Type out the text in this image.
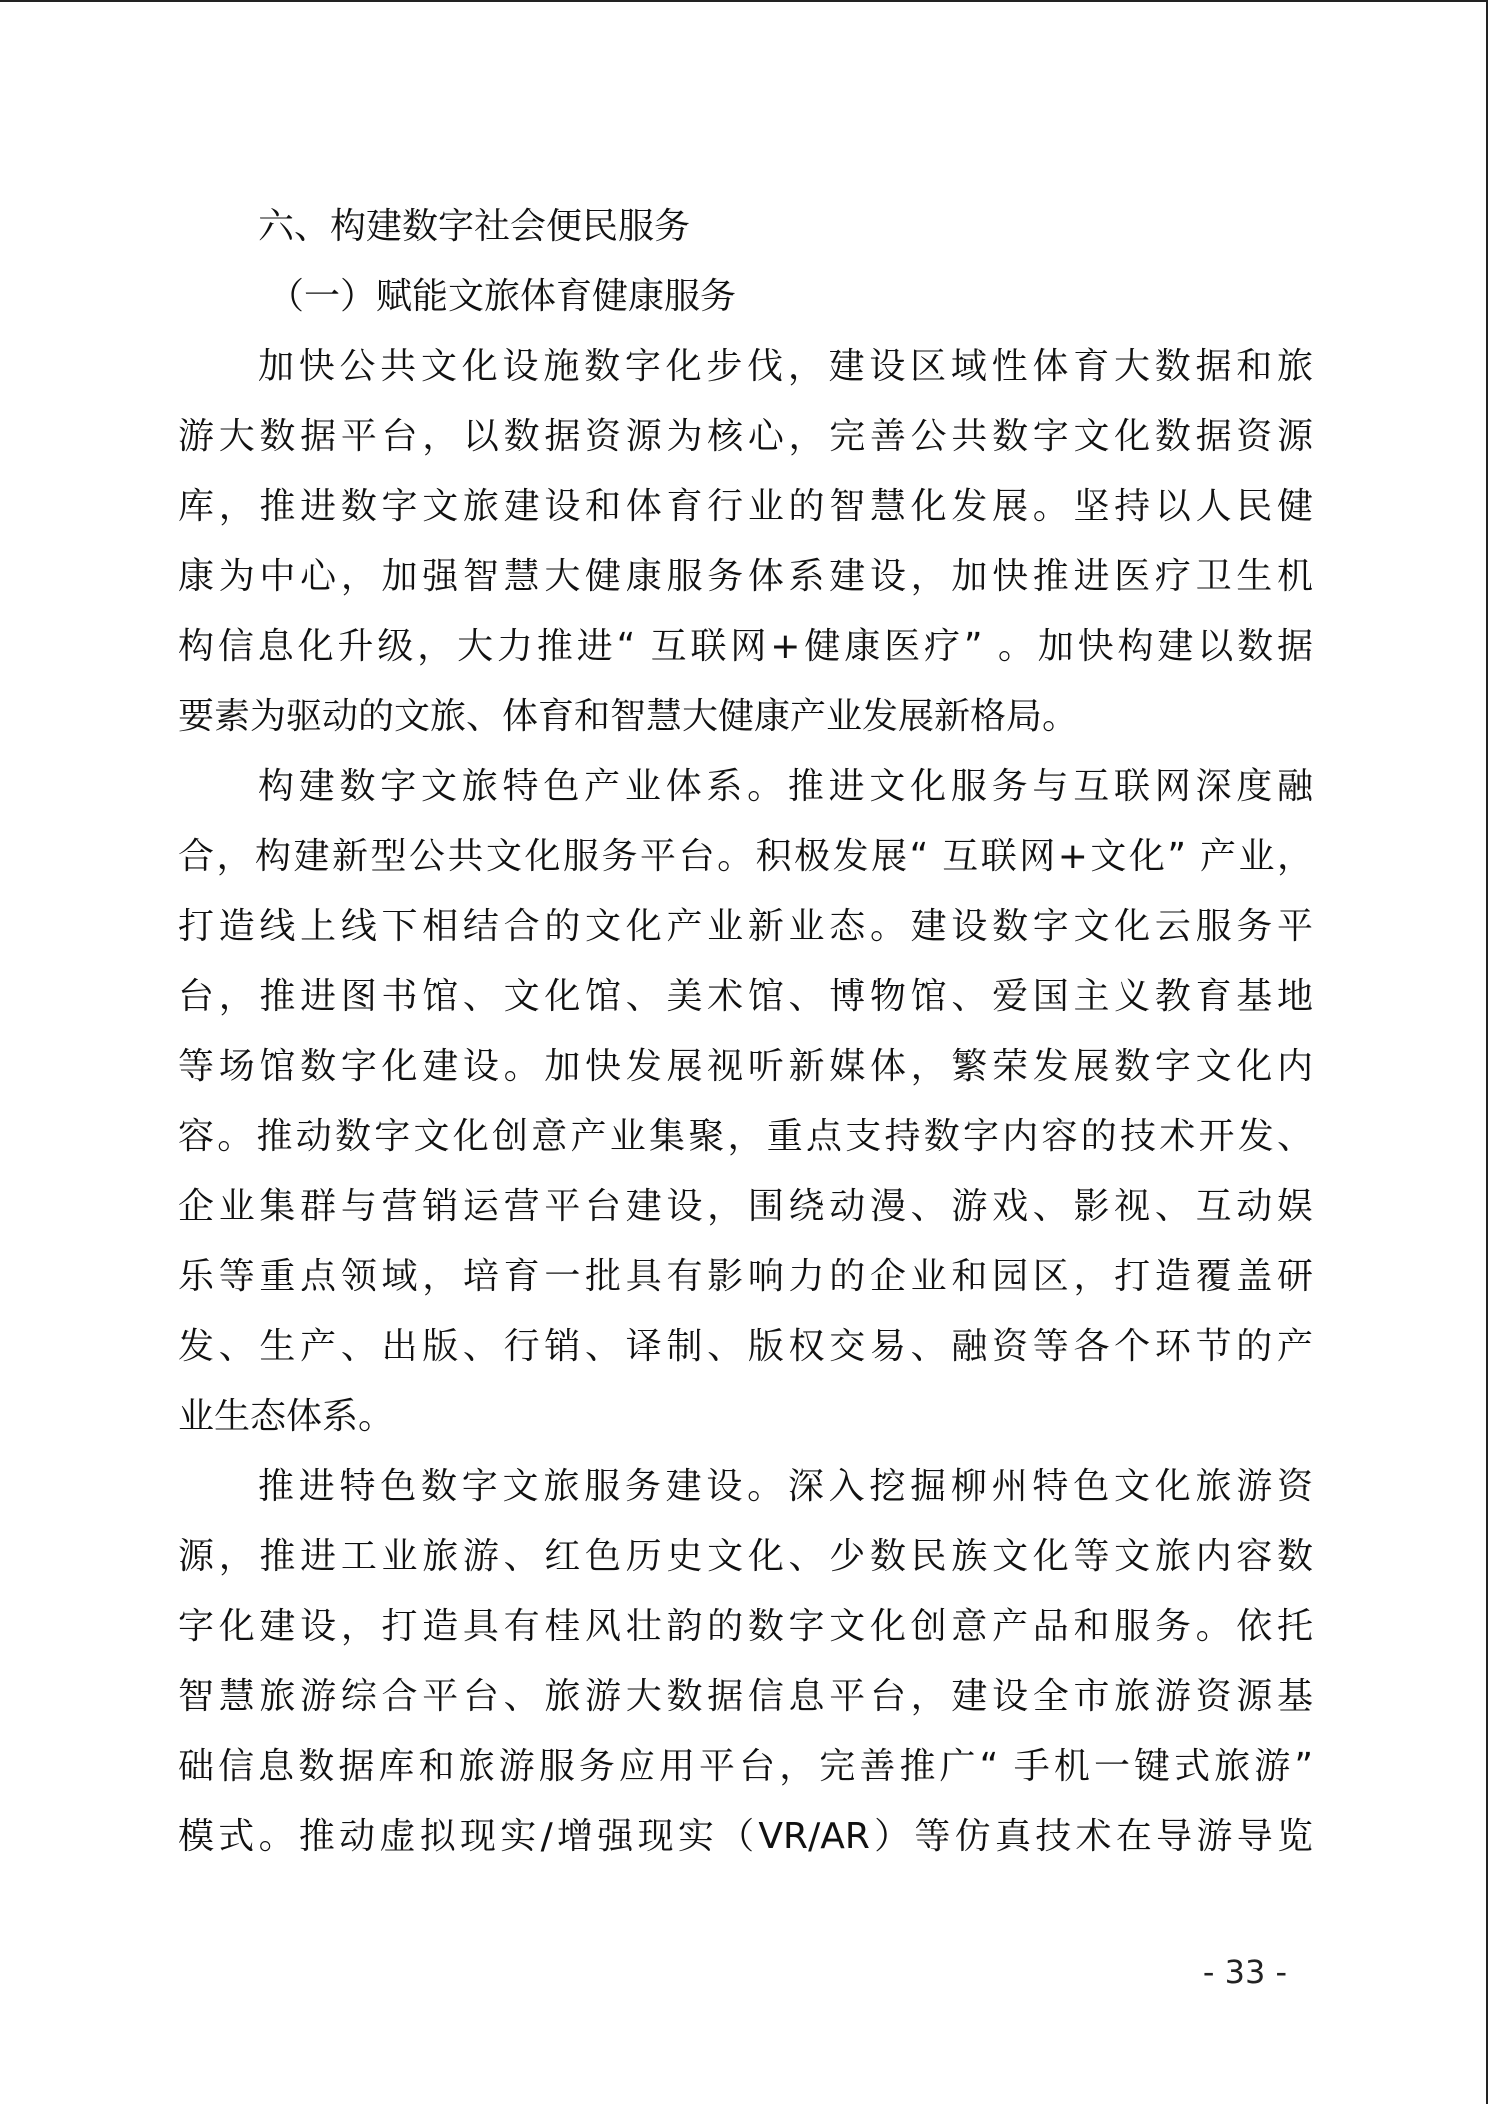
六、构建数字社会便民服务
（一）赋能文旅体育健康服务
加快公共文化设施数字化步伐，建设区域性体育大数据和旅
游大数据平台，以数据资源为核心，完善公共数字文化数据资源
库，推进数字文旅建设和体育行业的智慧化发展。坚持以人民健
康为中心，加强智慧大健康服务体系建设，加快推进医疗卫生机
构信息化升级，大力推进“ 互联网+健康医疗” 。加快构建以数据
要素为驱动的文旅、体育和智慧大健康产业发展新格局。
构建数字文旅特色产业体系。推进文化服务与互联网深度融
合，构建新型公共文化服务平台。积极发展“ 互联网+文化” 产业，
打造线上线下相结合的文化产业新业态。建设数字文化云服务平
台，推进图书馆、文化馆、美术馆、博物馆、爱国主义教育基地
等场馆数字化建设。加快发展视听新媒体，繁荣发展数字文化内
容。推动数字文化创意产业集聚，重点支持数字内容的技术开发、
企业集群与营销运营平台建设，围绕动漫、游戏、影视、互动娱
乐等重点领域，培育一批具有影响力的企业和园区，打造覆盖研
发、生产、出版、行销、译制、版权交易、融资等各个环节的产
业生态体系。
推进特色数字文旅服务建设。深入挖掘柳州特色文化旅游资
源，推进工业旅游、红色历史文化、少数民族文化等文旅内容数
字化建设，打造具有桂风壮韵的数字文化创意产品和服务。依托
智慧旅游综合平台、旅游大数据信息平台，建设全市旅游资源基
础信息数据库和旅游服务应用平台，完善推广“ 手机一键式旅游”
模式。推动虚拟现实/增强现实（VR/AR）等仿真技术在导游导览
- 33 -
